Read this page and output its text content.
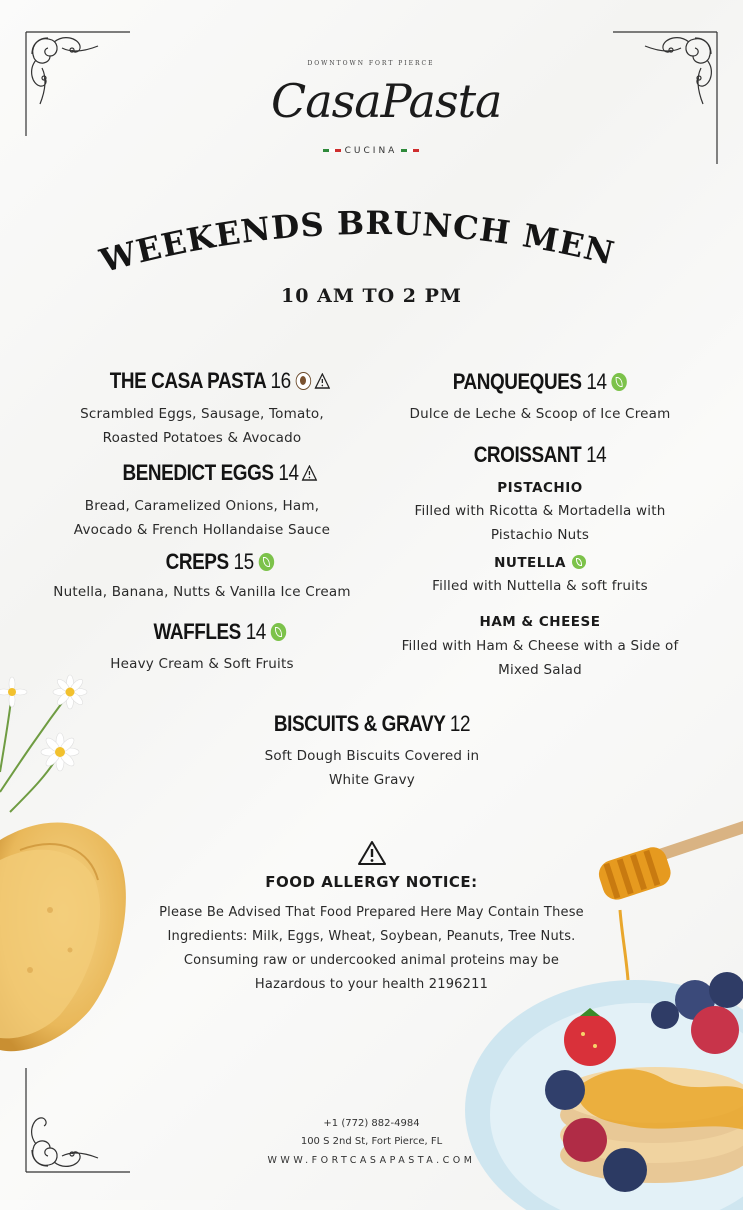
DOWNTOWN FORT PIERCE
CasaPasta
CUCINA
WEEKENDS BRUNCH MENU
10 AM TO 2 PM
THE CASA PASTA 16
Scrambled Eggs, Sausage, Tomato,
Roasted Potatoes & Avocado
BENEDICT EGGS 14
Bread, Caramelized Onions, Ham,
Avocado & French Hollandaise Sauce
CREPS 15
Nutella, Banana, Nutts & Vanilla Ice Cream
WAFFLES 14
Heavy Cream & Soft Fruits
PANQUEQUES 14
Dulce de Leche & Scoop of Ice Cream
CROISSANT 14
PISTACHIO
Filled with Ricotta & Mortadella with
Pistachio Nuts
NUTELLA
Filled with Nuttella & soft fruits
HAM & CHEESE
Filled with Ham & Cheese with a Side of
Mixed Salad
BISCUITS & GRAVY 12
Soft Dough Biscuits Covered in
White Gravy
FOOD ALLERGY NOTICE:
Please Be Advised That Food Prepared Here May Contain These
Ingredients: Milk, Eggs, Wheat, Soybean, Peanuts, Tree Nuts.
Consuming raw or undercooked animal proteins may be
Hazardous to your health 2196211
+1 (772) 882-4984
100 S 2nd St, Fort Pierce, FL
WWW.FORTCASAPASTA.COM
